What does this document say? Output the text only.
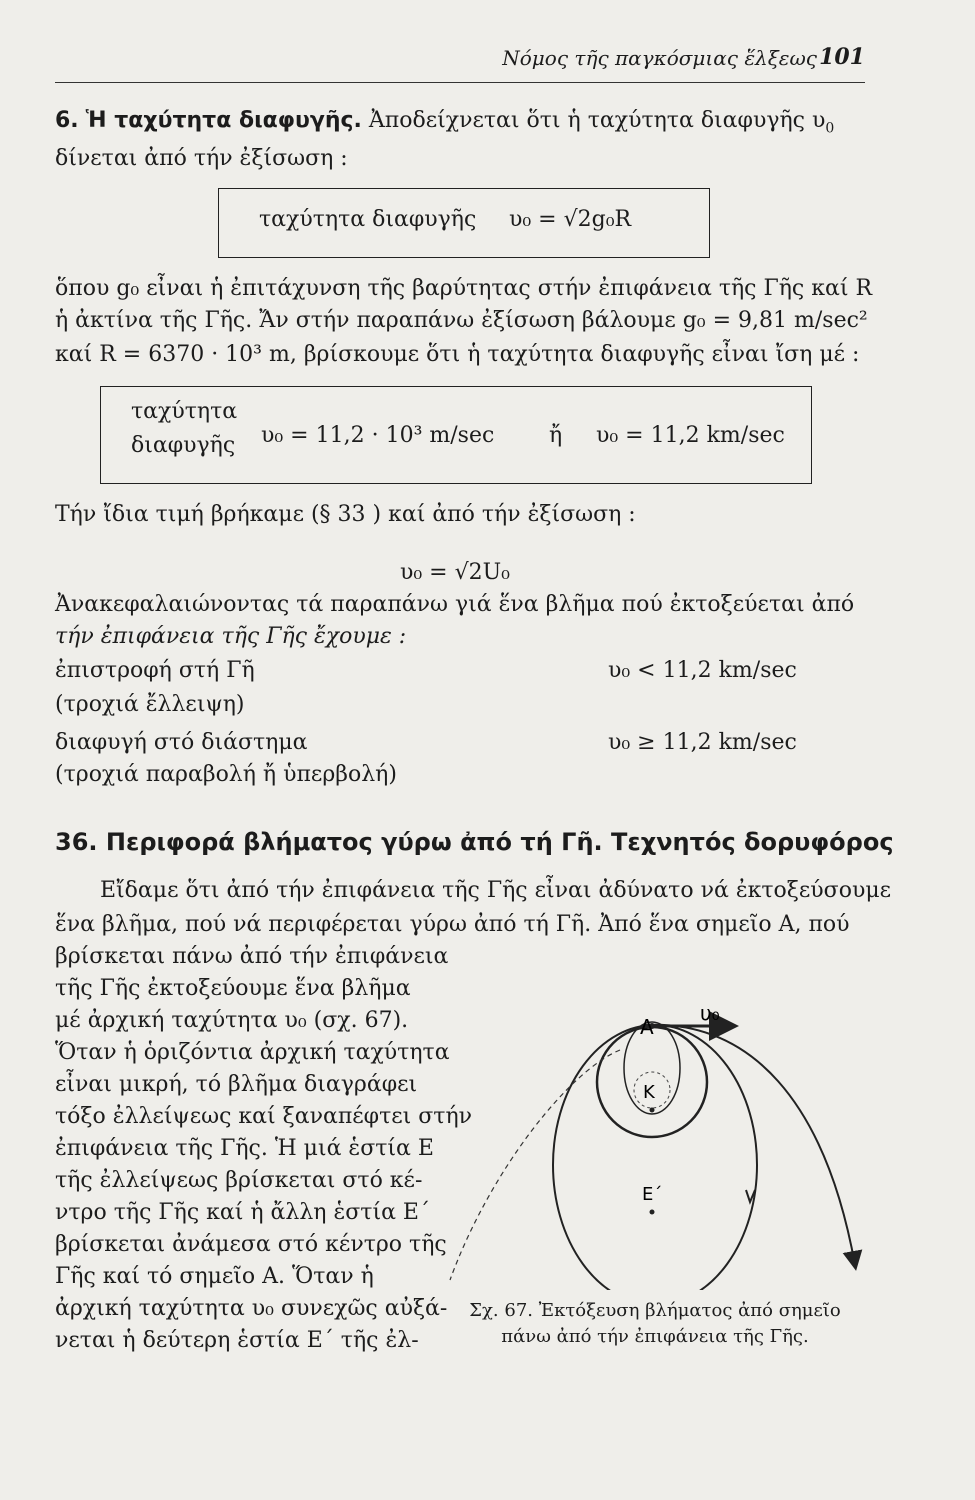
Νόμος τῆς παγκόσμιας ἕλξεως 101
6. Ἡ ταχύτητα διαφυγῆς. Ἀποδείχνεται ὅτι ἡ ταχύτητα διαφυγῆς $\upsilon_0$
δίνεται ἀπό τήν ἐξίσωση :
ταχύτητα διαφυγῆς υ₀ = √2g₀R
ὅπου g₀ εἶναι ἡ ἐπιτάχυνση τῆς βαρύτητας στήν ἐπιφάνεια τῆς Γῆς καί R
ἡ ἀκτίνα τῆς Γῆς. Ἄν στήν παραπάνω ἐξίσωση βάλουμε g₀ = 9,81 m/sec²
καί R = 6370 · 10³ m, βρίσκουμε ὅτι ἡ ταχύτητα διαφυγῆς εἶναι ἴση μέ :
ταχύτητα
διαφυγῆς υ₀ = 11,2 · 10³ m/sec ἤ υ₀ = 11,2 km/sec
Τήν ἴδια τιμή βρήκαμε (§ 33 ) καί ἀπό τήν ἐξίσωση :
υ₀ = √2U₀
Ἀνακεφαλαιώνοντας τά παραπάνω γιά ἕνα βλῆμα πού ἐκτοξεύεται ἀπό
τήν ἐπιφάνεια τῆς Γῆς ἔχουμε :
ἐπιστροφή στή Γῆ
(τροχιά ἔλλειψη)
υ₀ < 11,2 km/sec
διαφυγή στό διάστημα
(τροχιά παραβολή ἤ ὑπερβολή)
υ₀ ≥ 11,2 km/sec
36. Περιφορά βλήματος γύρω ἀπό τή Γῆ. Τεχνητός δορυφόρος
Εἴδαμε ὅτι ἀπό τήν ἐπιφάνεια τῆς Γῆς εἶναι ἀδύνατο νά ἐκτοξεύσουμε
ἕνα βλῆμα, πού νά περιφέρεται γύρω ἀπό τή Γῆ. Ἀπό ἕνα σημεῖο Α, πού
βρίσκεται πάνω ἀπό τήν ἐπιφάνεια
τῆς Γῆς ἐκτοξεύουμε ἕνα βλῆμα
μέ ἀρχική ταχύτητα υ₀ (σχ. 67).
Ὅταν ἡ ὁριζόντια ἀρχική ταχύτητα
εἶναι μικρή, τό βλῆμα διαγράφει
τόξο ἐλλείψεως καί ξαναπέφτει στήν
ἐπιφάνεια τῆς Γῆς. Ἡ μιά ἑστία Ε
τῆς ἐλλείψεως βρίσκεται στό κέ-
ντρο τῆς Γῆς καί ἡ ἄλλη ἑστία Ε΄
βρίσκεται ἀνάμεσα στό κέντρο τῆς
Γῆς καί τό σημεῖο Α. Ὅταν ἡ
ἀρχική ταχύτητα υ₀ συνεχῶς αὐξά-
νεται ἡ δεύτερη ἑστία Ε΄ τῆς ἐλ-
A
υ₀
K
E΄
Σχ. 67. Ἐκτόξευση βλήματος ἀπό σημεῖο
πάνω ἀπό τήν ἐπιφάνεια τῆς Γῆς.
